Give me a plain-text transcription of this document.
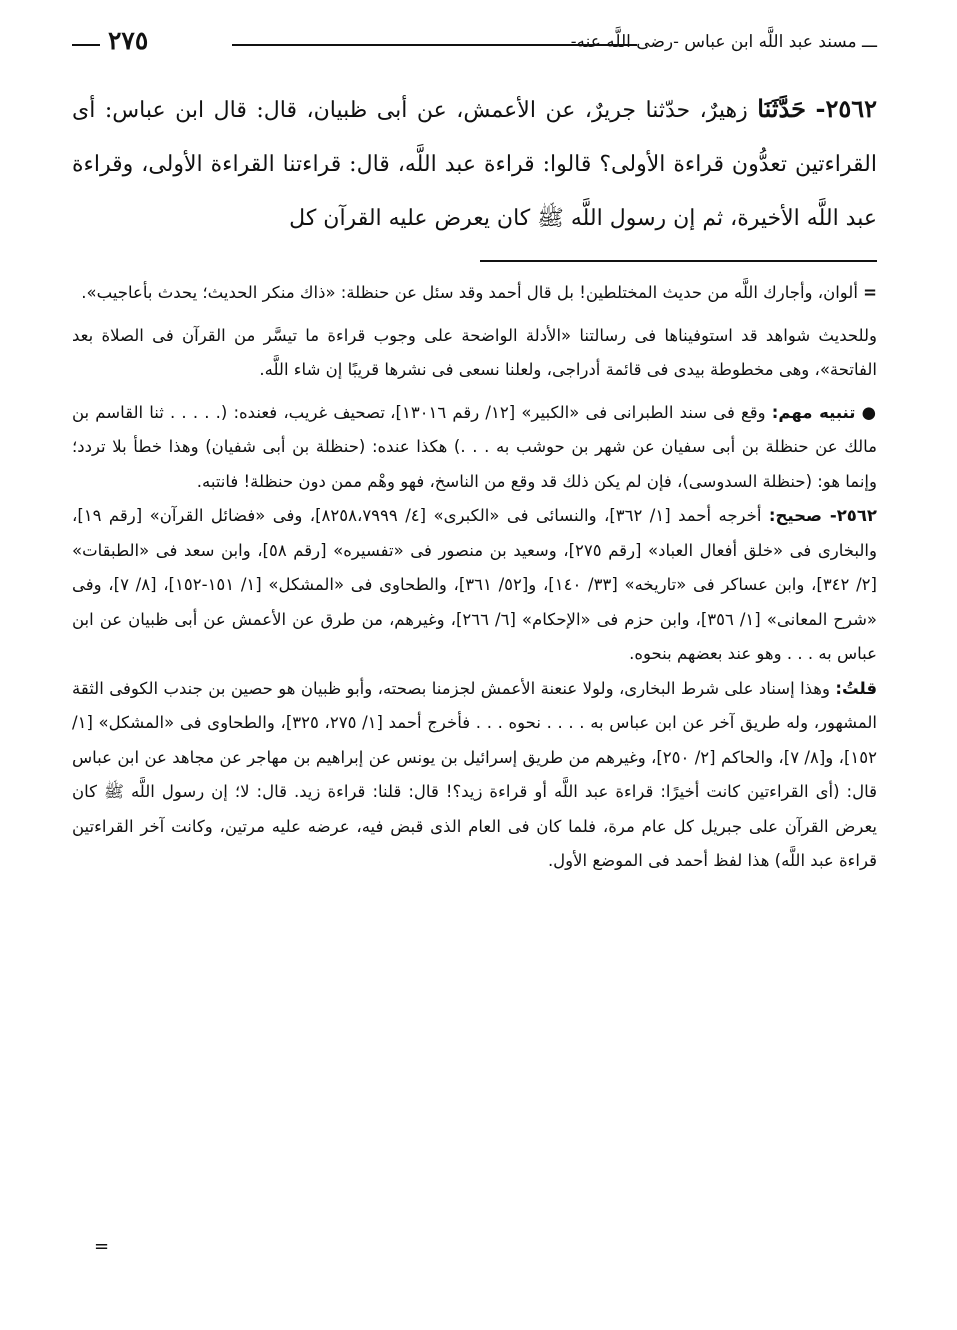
ـــ مسند عبد اللَّه ابن عباس -رضى اللَّه عنه-
٢٧٥
٢٥٦٢- حَدَّثَنَا زهيرٌ، حدّثنا جريرٌ، عن الأعمش، عن أبى ظبيان، قال: قال ابن عباس: أى القراءتين تعدُّون قراءة الأولى؟ قالوا: قراءة عبد اللَّه، قال: قراءتنا القراءة الأولى، وقراءة عبد اللَّه الأخيرة، ثم إن رسول اللَّه ﷺ كان يعرض عليه القرآن كل

= ألوان، وأجارك اللَّه من حديث المختلطين! بل قال أحمد وقد سئل عن حنظلة: «ذاك منكر الحديث؛ يحدث بأعاجيب».

وللحديث شواهد قد استوفيناها فى رسالتنا «الأدلة الواضحة على وجوب قراءة ما تيسَّر من القرآن فى الصلاة بعد الفاتحة»، وهى مخطوطة بيدى فى قائمة أدراجى، ولعلنا نسعى فى نشرها قريبًا إن شاء اللَّه.

● تنبيه مهم: وقع فى سند الطبرانى فى «الكبير» [١٢/ رقم ١٣٠١٦]، تصحيف غريب، فعنده: (. . . . . ثنا القاسم بن مالك عن حنظلة بن أبى سفيان عن شهر بن حوشب به . . .) هكذا عنده: (حنظلة بن أبى شفيان) وهذا خطأ بلا تردد؛ وإنما هو: (حنظلة السدوسى)، فإن لم يكن ذلك قد وقع من الناسخ، فهو وهْم ممن دون حنظلة! فانتبه.

٢٥٦٢- صحيح: أخرجه أحمد [١/ ٣٦٢]، والنسائى فى «الكبرى» [٤/ ٨٢٥٨،٧٩٩٩]، وفى «فضائل القرآن» [رقم ١٩]، والبخارى فى «خلق أفعال العباد» [رقم ٢٧٥]، وسعيد بن منصور فى «تفسيره» [رقم ٥٨]، وابن سعد فى «الطبقات» [٢/ ٣٤٢]، وابن عساكر فى «تاريخه» [٣٣/ ١٤٠]، و[٥٢/ ٣٦١]، والطحاوى فى «المشكل» [١/ ١٥١-١٥٢]، [٨/ ٧]، وفى «شرح المعانى» [١/ ٣٥٦]، وابن حزم فى «الإحكام» [٦/ ٢٦٦]، وغيرهم، من طرق عن الأعمش عن أبى ظبيان عن ابن عباس به . . . وهو عند بعضهم بنحوه.

قلتُ: وهذا إسناد على شرط البخارى، ولولا عنعنة الأعمش لجزمنا بصحته، وأبو ظبيان هو حصين بن جندب الكوفى الثقة المشهور، وله طريق آخر عن ابن عباس به . . . . نحوه . . . فأخرج أحمد [١/ ٢٧٥، ٣٢٥]، والطحاوى فى «المشكل» [١/ ١٥٢]، و[٨/ ٧]، والحاكم [٢/ ٢٥٠]، وغيرهم من طريق إسرائيل بن يونس عن إبراهيم بن مهاجر عن مجاهد عن ابن عباس قال: (أى القراءتين كانت أخيرًا: قراءة عبد اللَّه أو قراءة زيد؟! قال: قلنا: قراءة زيد. قال: لا؛ إن رسول اللَّه ﷺ كان يعرض القرآن على جبريل كل عام مرة، فلما كان فى العام الذى قبض فيه، عرضه عليه مرتين، وكانت آخر القراءتين قراءة عبد اللَّه) هذا لفظ أحمد فى الموضع الأول.

=
